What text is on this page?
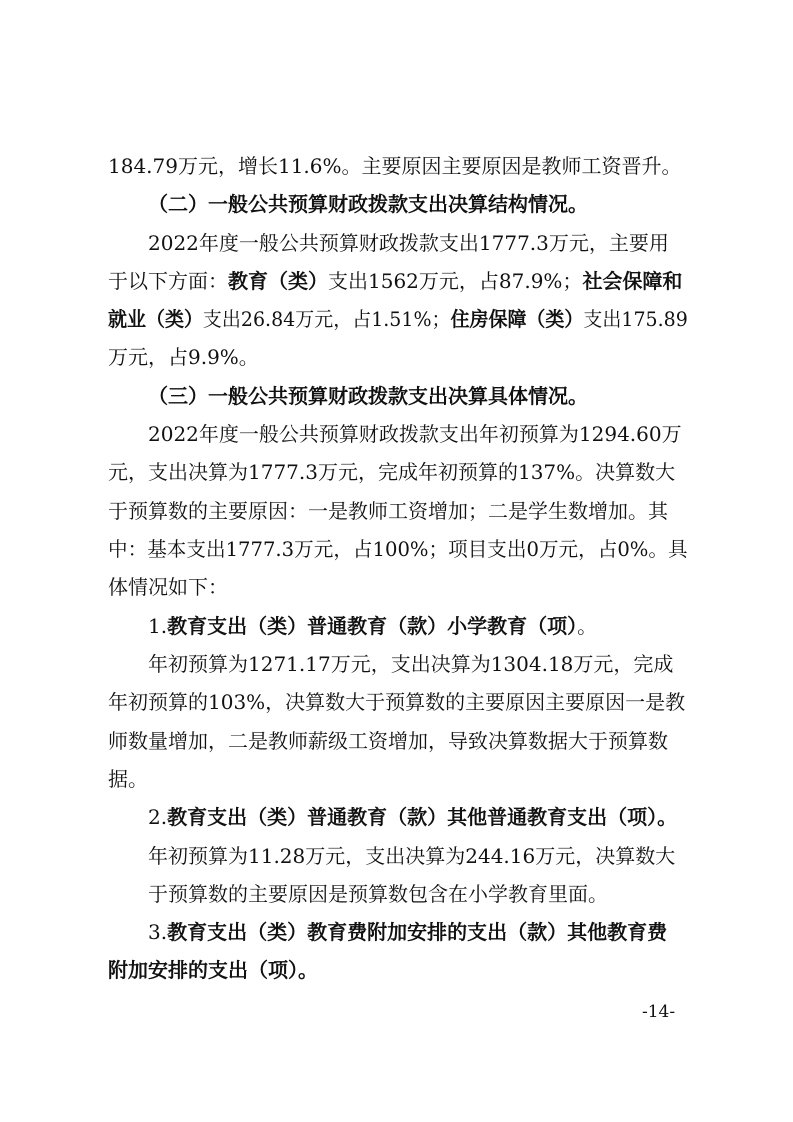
184.79万元，增长11.6%。主要原因主要原因是教师工资晋升。
（二）一般公共预算财政拨款支出决算结构情况。
2022年度一般公共预算财政拨款支出1777.3万元，主要用
于以下方面：教育（类）支出1562万元，占87.9%；社会保障和
就业（类）支出26.84万元，占1.51%；住房保障（类）支出175.89
万元，占9.9%。
（三）一般公共预算财政拨款支出决算具体情况。
2022年度一般公共预算财政拨款支出年初预算为1294.60万
元，支出决算为1777.3万元，完成年初预算的137%。决算数大
于预算数的主要原因：一是教师工资增加；二是学生数增加。其
中：基本支出1777.3万元，占100%；项目支出0万元，占0%。具
体情况如下：
1.教育支出（类）普通教育（款）小学教育（项）。
年初预算为1271.17万元，支出决算为1304.18万元，完成
年初预算的103%，决算数大于预算数的主要原因主要原因一是教
师数量增加，二是教师薪级工资增加，导致决算数据大于预算数
据。
2.教育支出（类）普通教育（款）其他普通教育支出（项）。
年初预算为11.28万元，支出决算为244.16万元，决算数大
于预算数的主要原因是预算数包含在小学教育里面。
3.教育支出（类）教育费附加安排的支出（款）其他教育费
附加安排的支出（项）。
-14-
